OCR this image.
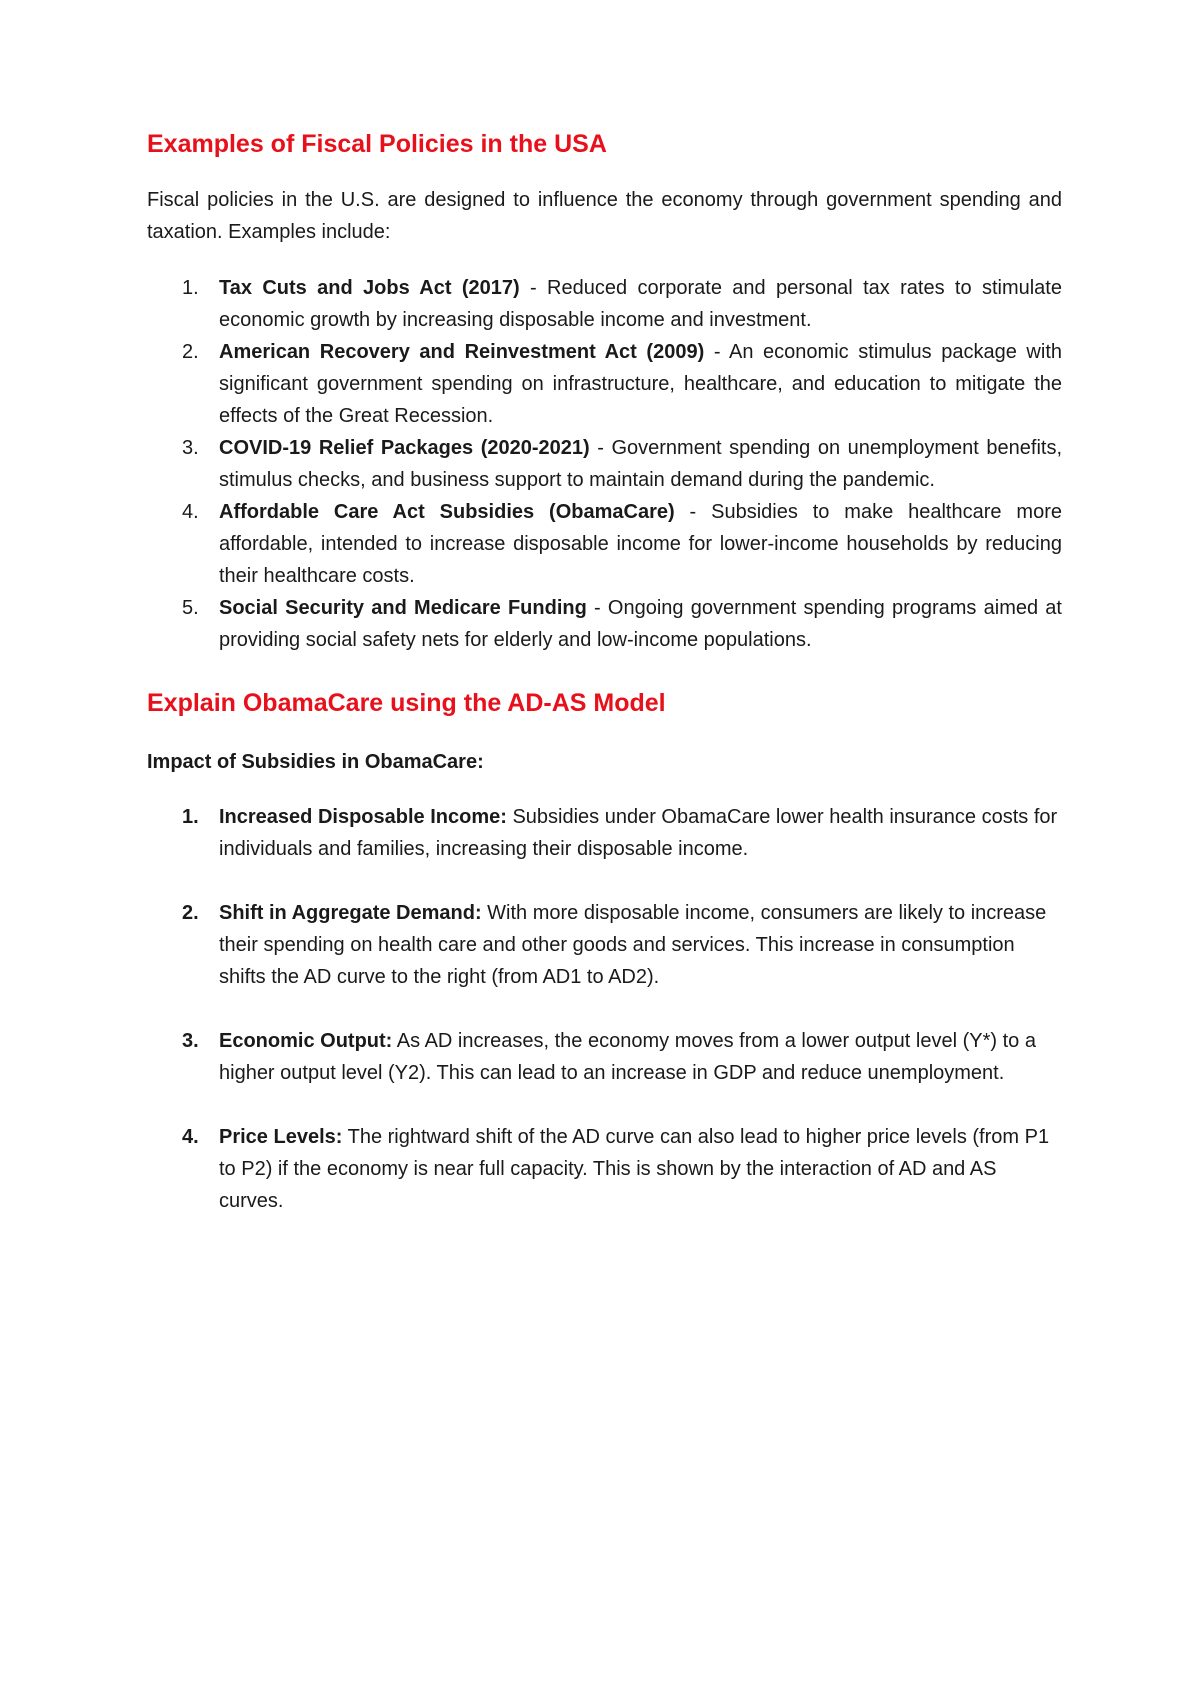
Examples of Fiscal Policies in the USA

Fiscal policies in the U.S. are designed to influence the economy through government spending and taxation. Examples include:

1. Tax Cuts and Jobs Act (2017) - Reduced corporate and personal tax rates to stimulate economic growth by increasing disposable income and investment.
2. American Recovery and Reinvestment Act (2009) - An economic stimulus package with significant government spending on infrastructure, healthcare, and education to mitigate the effects of the Great Recession.
3. COVID-19 Relief Packages (2020-2021) - Government spending on unemployment benefits, stimulus checks, and business support to maintain demand during the pandemic.
4. Affordable Care Act Subsidies (ObamaCare) - Subsidies to make healthcare more affordable, intended to increase disposable income for lower-income households by reducing their healthcare costs.
5. Social Security and Medicare Funding - Ongoing government spending programs aimed at providing social safety nets for elderly and low-income populations.
Explain ObamaCare using the AD-AS Model

Impact of Subsidies in ObamaCare:

1. Increased Disposable Income: Subsidies under ObamaCare lower health insurance costs for individuals and families, increasing their disposable income.
2. Shift in Aggregate Demand: With more disposable income, consumers are likely to increase their spending on health care and other goods and services. This increase in consumption shifts the AD curve to the right (from AD1 to AD2).
3. Economic Output: As AD increases, the economy moves from a lower output level (Y*) to a higher output level (Y2). This can lead to an increase in GDP and reduce unemployment.
4. Price Levels: The rightward shift of the AD curve can also lead to higher price levels (from P1 to P2) if the economy is near full capacity. This is shown by the interaction of AD and AS curves.
